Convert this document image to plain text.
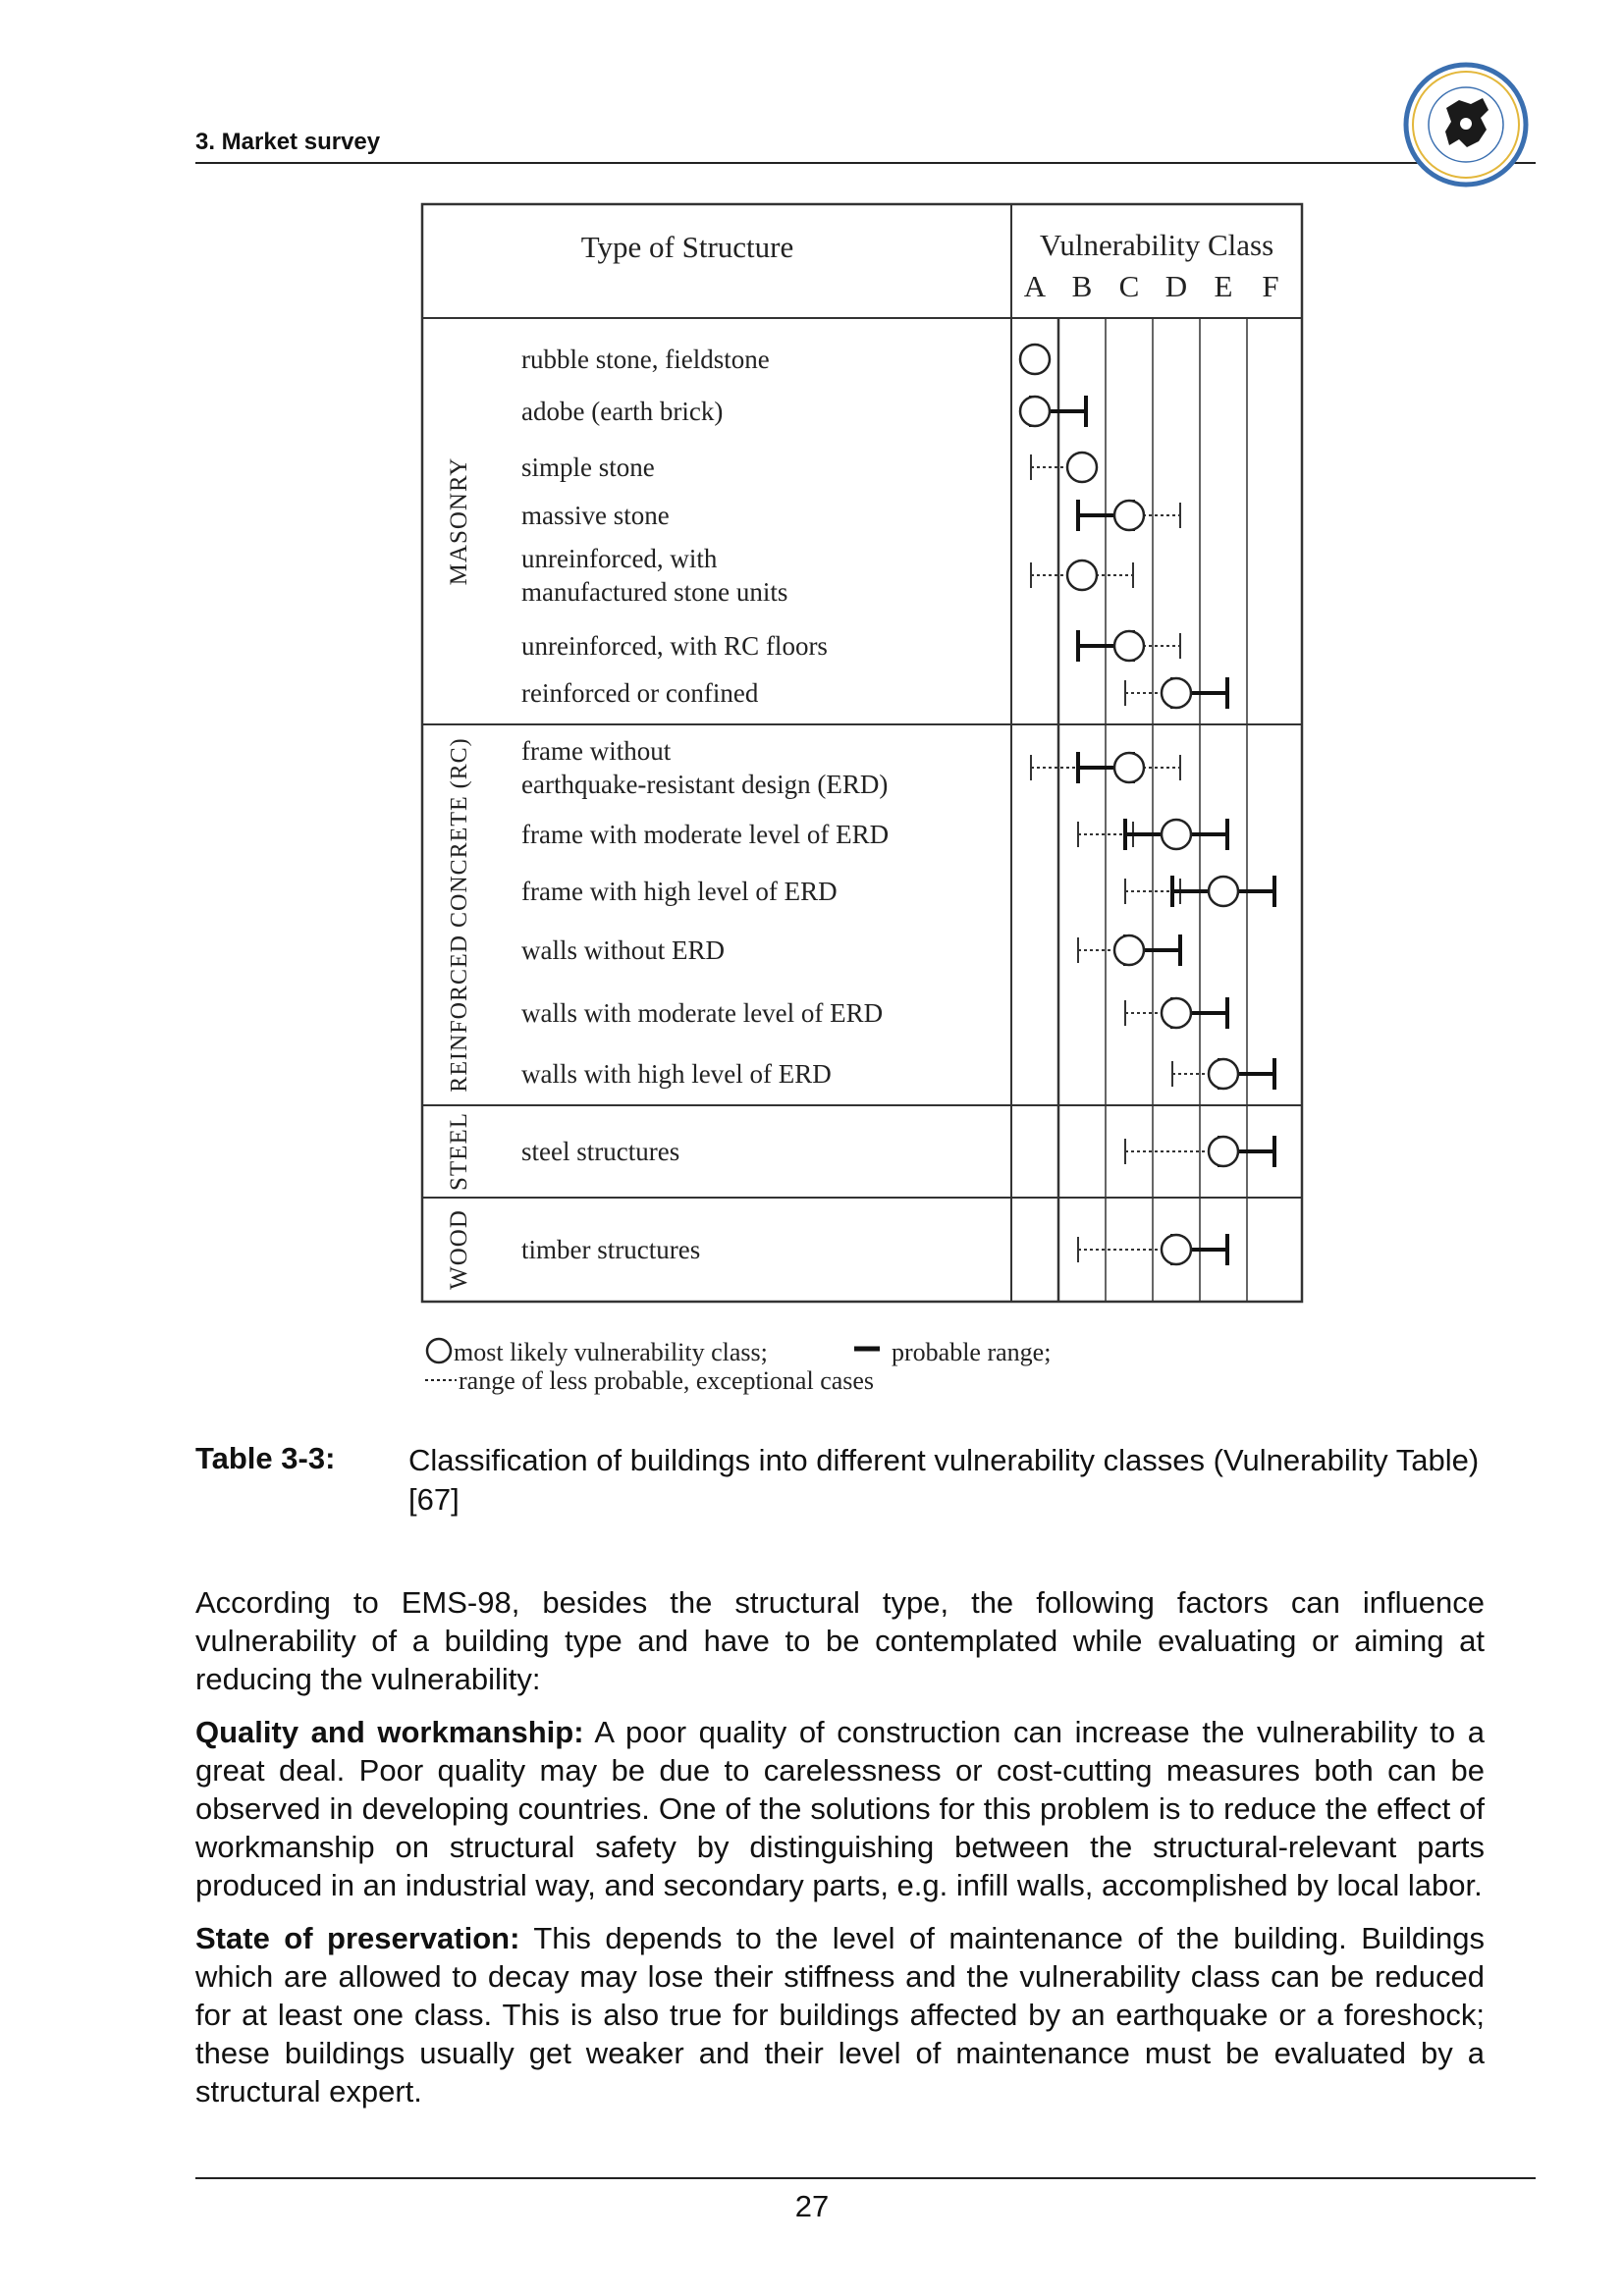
3. Market survey
Type of Structure	Vulnerability Class
A B C D E F
MASONRY
REINFORCED CONCRETE (RC)
STEEL
WOOD
rubble stone, fieldstone
adobe (earth brick)
simple stone
massive stone
unreinforced, with
manufactured stone units
unreinforced, with RC floors
reinforced or confined
frame without
earthquake-resistant design (ERD)
frame with moderate level of ERD
frame with high level of ERD
walls without ERD
walls with moderate level of ERD
walls with high level of ERD
steel structures
timber structures
most likely vulnerability class;	probable range;
range of less probable, exceptional cases
Table 3-3: Classification of buildings into different vulnerability classes (Vulnerability Table) [67]

According to EMS-98, besides the structural type, the following factors can influence vulnerability of a building type and have to be contemplated while evaluating or aiming at reducing the vulnerability:

Quality and workmanship: A poor quality of construction can increase the vulnerability to a great deal. Poor quality may be due to carelessness or cost-cutting measures both can be observed in developing countries. One of the solutions for this problem is to reduce the effect of workmanship on structural safety by distinguishing between the structural-relevant parts produced in an industrial way, and secondary parts, e.g. infill walls, accomplished by local labor.

State of preservation: This depends to the level of maintenance of the building. Buildings which are allowed to decay may lose their stiffness and the vulnerability class can be reduced for at least one class. This is also true for buildings affected by an earthquake or a foreshock; these buildings usually get weaker and their level of maintenance must be evaluated by a structural expert.

27
